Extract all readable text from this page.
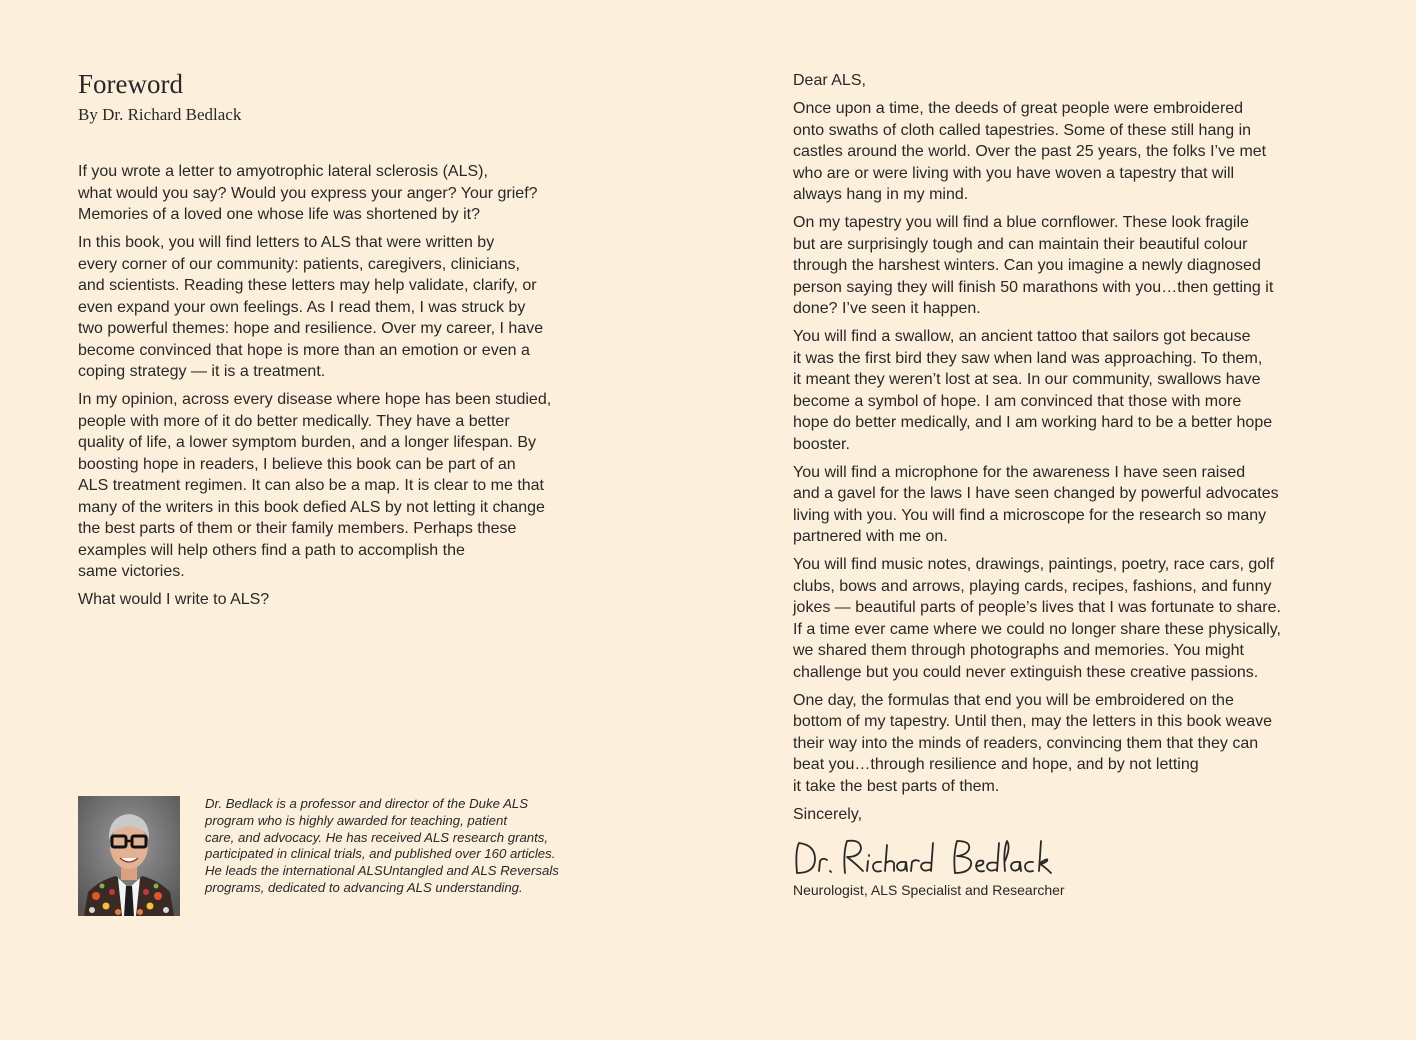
Foreword
By Dr. Richard Bedlack

If you wrote a letter to amyotrophic lateral sclerosis (ALS),
what would you say? Would you express your anger? Your grief?
Memories of a loved one whose life was shortened by it?

In this book, you will find letters to ALS that were written by
every corner of our community: patients, caregivers, clinicians,
and scientists. Reading these letters may help validate, clarify, or
even expand your own feelings. As I read them, I was struck by
two powerful themes: hope and resilience. Over my career, I have
become convinced that hope is more than an emotion or even a
coping strategy — it is a treatment.

In my opinion, across every disease where hope has been studied,
people with more of it do better medically. They have a better
quality of life, a lower symptom burden, and a longer lifespan. By
boosting hope in readers, I believe this book can be part of an
ALS treatment regimen. It can also be a map. It is clear to me that
many of the writers in this book defied ALS by not letting it change
the best parts of them or their family members. Perhaps these
examples will help others find a path to accomplish the
same victories.

What would I write to ALS?

Dr. Bedlack is a professor and director of the Duke ALS
program who is highly awarded for teaching, patient
care, and advocacy. He has received ALS research grants,
participated in clinical trials, and published over 160 articles.
He leads the international ALSUntangled and ALS Reversals
programs, dedicated to advancing ALS understanding.

Dear ALS,

Once upon a time, the deeds of great people were embroidered
onto swaths of cloth called tapestries. Some of these still hang in
castles around the world. Over the past 25 years, the folks I’ve met
who are or were living with you have woven a tapestry that will
always hang in my mind.

On my tapestry you will find a blue cornflower. These look fragile
but are surprisingly tough and can maintain their beautiful colour
through the harshest winters. Can you imagine a newly diagnosed
person saying they will finish 50 marathons with you…then getting it
done? I’ve seen it happen.

You will find a swallow, an ancient tattoo that sailors got because
it was the first bird they saw when land was approaching. To them,
it meant they weren’t lost at sea. In our community, swallows have
become a symbol of hope. I am convinced that those with more
hope do better medically, and I am working hard to be a better hope
booster.

You will find a microphone for the awareness I have seen raised
and a gavel for the laws I have seen changed by powerful advocates
living with you. You will find a microscope for the research so many
partnered with me on.

You will find music notes, drawings, paintings, poetry, race cars, golf
clubs, bows and arrows, playing cards, recipes, fashions, and funny
jokes — beautiful parts of people’s lives that I was fortunate to share.
If a time ever came where we could no longer share these physically,
we shared them through photographs and memories. You might
challenge but you could never extinguish these creative passions.

One day, the formulas that end you will be embroidered on the
bottom of my tapestry. Until then, may the letters in this book weave
their way into the minds of readers, convincing them that they can
beat you…through resilience and hope, and by not letting
it take the best parts of them.

Sincerely,

Neurologist, ALS Specialist and Researcher
